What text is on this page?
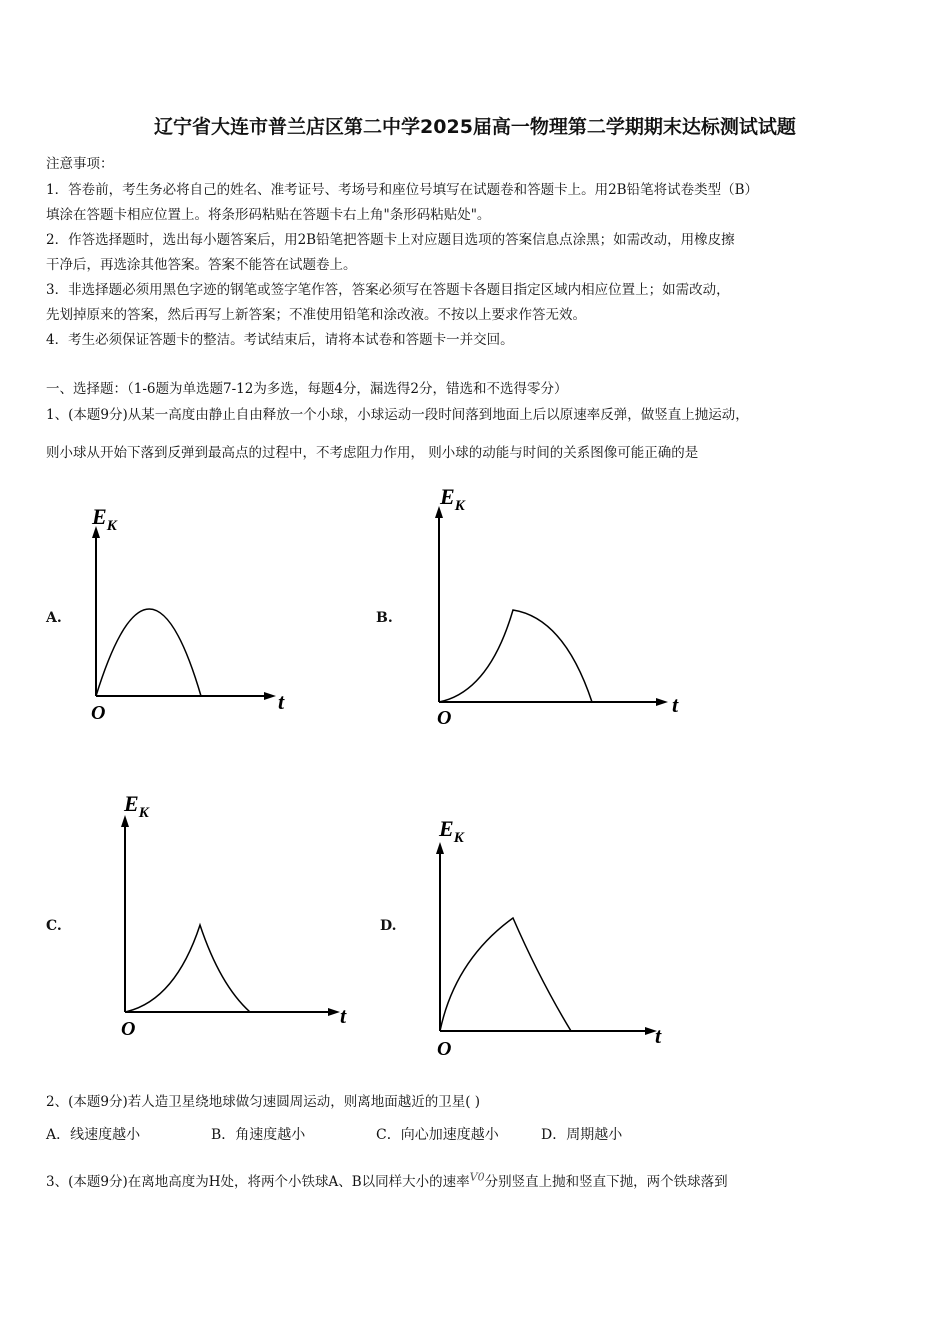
辽宁省大连市普兰店区第二中学2025届高一物理第二学期期末达标测试试题
注意事项：
1．答卷前，考生务必将自己的姓名、准考证号、考场号和座位号填写在试题卷和答题卡上。用2B铅笔将试卷类型（B）
填涂在答题卡相应位置上。将条形码粘贴在答题卡右上角"条形码粘贴处"。
2．作答选择题时，选出每小题答案后，用2B铅笔把答题卡上对应题目选项的答案信息点涂黑；如需改动，用橡皮擦
干净后，再选涂其他答案。答案不能答在试题卷上。
3．非选择题必须用黑色字迹的钢笔或签字笔作答，答案必须写在答题卡各题目指定区域内相应位置上；如需改动，
先划掉原来的答案，然后再写上新答案；不准使用铅笔和涂改液。不按以上要求作答无效。
4．考生必须保证答题卡的整洁。考试结束后，请将本试卷和答题卡一并交回。
一、选择题：（1-6题为单选题7-12为多选，每题4分，漏选得2分，错选和不选得零分）
1、(本题9分)从某一高度由静止自由释放一个小球，小球运动一段时间落到地面上后以原速率反弹，做竖直上抛运动，
则小球从开始下落到反弹到最高点的过程中，不考虑阻力作用， 则小球的动能与时间的关系图像可能正确的是
A.
$E_K$
t
O
B.
$E_K$
t
O
C.
$E_K$
t
O
D.
$E_K$
t
O
2、(本题9分)若人造卫星绕地球做匀速圆周运动，则离地面越近的卫星( )
A．线速度越小	B．角速度越小	C．向心加速度越小	D．周期越小
3、(本题9分)在离地高度为H处，将两个小铁球A、B以同样大小的速率$^{V0}$分别竖直上抛和竖直下抛，两个铁球落到
